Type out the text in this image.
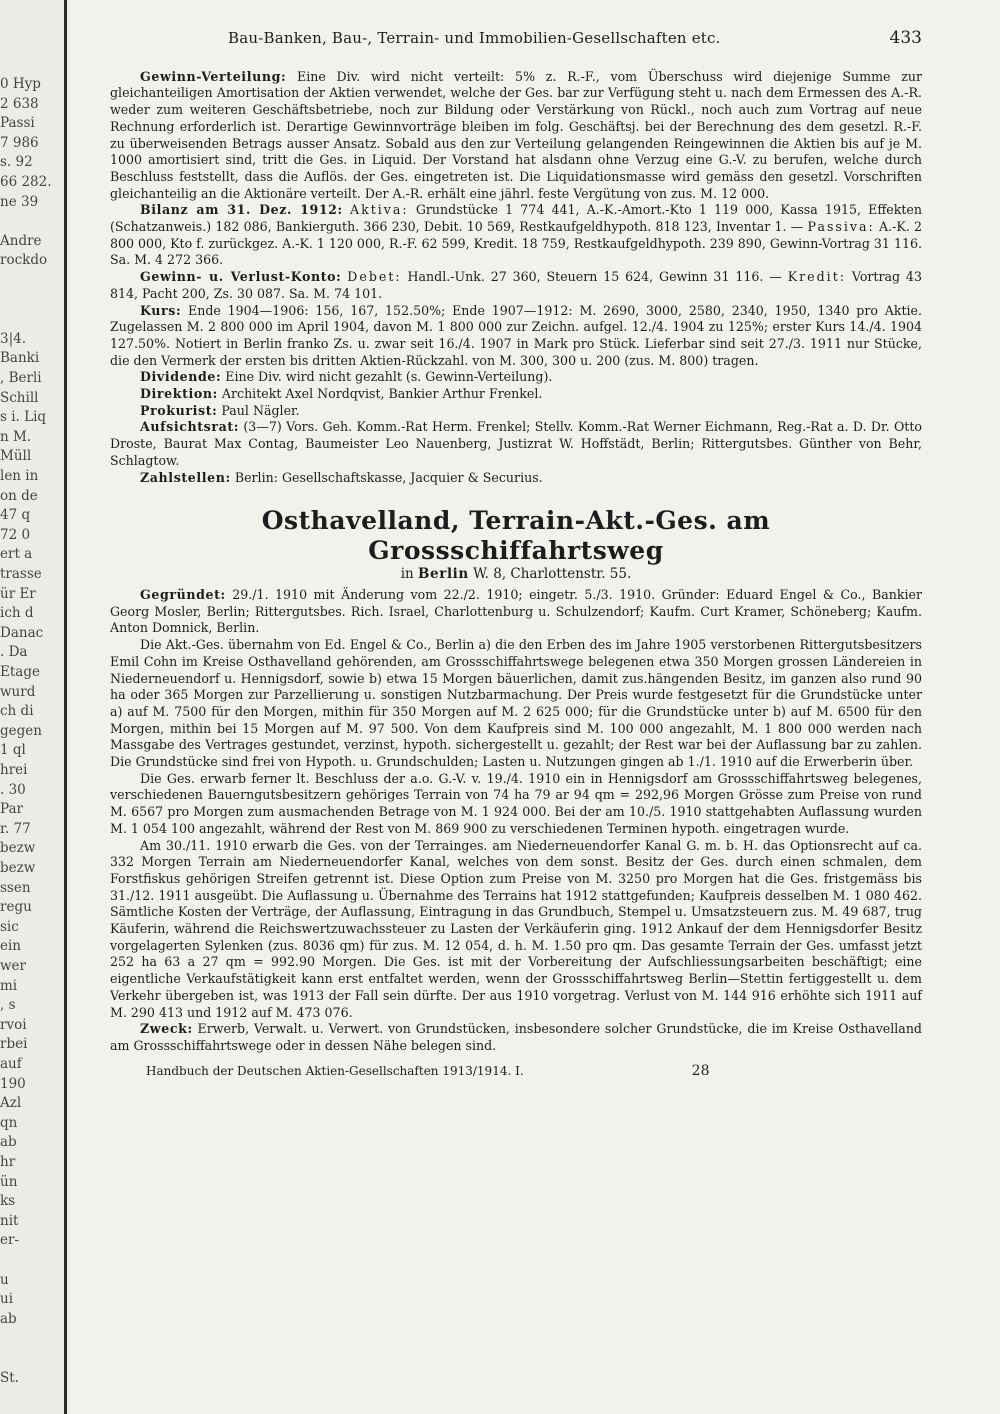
0 Hyp
2 638
Passi
7 986
s. 92
66 282.
ne 39
Andre
rockdo
3|4.
Banki
, Berli
Schill
s i. Liq
n M.
Müll
len in
on de
47 q
72 0
ert a
trasse
ür Er
ich d
Danac
. Da
Etage
wurd
ch di
gegen
1 ql
hrei
. 30
Par
r. 77
bezw
bezw
ssen
regu
sic
ein
wer
mi
, s
rvoi
rbei
auf
190
Azl
qn
ab
hr
ün
ks
nit
er-
u
ui
ab
St.
Bau-Banken, Bau-, Terrain- und Immobilien-Gesellschaften etc.	433

Gewinn-Verteilung: Eine Div. wird nicht verteilt: 5% z. R.-F., vom Überschuss wird diejenige Summe zur gleichanteiligen Amortisation der Aktien verwendet, welche der Ges. bar zur Verfügung steht u. nach dem Ermessen des A.-R. weder zum weiteren Geschäftsbetriebe, noch zur Bildung oder Verstärkung von Rückl., noch auch zum Vortrag auf neue Rechnung erforderlich ist. Derartige Gewinnvorträge bleiben im folg. Geschäftsj. bei der Berechnung des dem gesetzl. R.-F. zu überweisenden Betrags ausser Ansatz. Sobald aus den zur Verteilung gelangenden Reingewinnen die Aktien bis auf je M. 1000 amortisiert sind, tritt die Ges. in Liquid. Der Vorstand hat alsdann ohne Verzug eine G.-V. zu berufen, welche durch Beschluss feststellt, dass die Auflös. der Ges. eingetreten ist. Die Liquidationsmasse wird gemäss den gesetzl. Vorschriften gleichanteilig an die Aktionäre verteilt. Der A.-R. erhält eine jährl. feste Vergütung von zus. M. 12 000.

Bilanz am 31. Dez. 1912: Aktiva: Grundstücke 1 774 441, A.-K.-Amort.-Kto 1 119 000, Kassa 1915, Effekten (Schatzanweis.) 182 086, Bankierguth. 366 230, Debit. 10 569, Restkaufgeldhypoth. 818 123, Inventar 1. — Passiva: A.-K. 2 800 000, Kto f. zurückgez. A.-K. 1 120 000, R.-F. 62 599, Kredit. 18 759, Restkaufgeldhypoth. 239 890, Gewinn-Vortrag 31 116. Sa. M. 4 272 366.

Gewinn- u. Verlust-Konto: Debet: Handl.-Unk. 27 360, Steuern 15 624, Gewinn 31 116. — Kredit: Vortrag 43 814, Pacht 200, Zs. 30 087. Sa. M. 74 101.

Kurs: Ende 1904—1906: 156, 167, 152.50%; Ende 1907—1912: M. 2690, 3000, 2580, 2340, 1950, 1340 pro Aktie. Zugelassen M. 2 800 000 im April 1904, davon M. 1 800 000 zur Zeichn. aufgel. 12./4. 1904 zu 125%; erster Kurs 14./4. 1904 127.50%. Notiert in Berlin franko Zs. u. zwar seit 16./4. 1907 in Mark pro Stück. Lieferbar sind seit 27./3. 1911 nur Stücke, die den Vermerk der ersten bis dritten Aktien-Rückzahl. von M. 300, 300 u. 200 (zus. M. 800) tragen.

Dividende: Eine Div. wird nicht gezahlt (s. Gewinn-Verteilung).

Direktion: Architekt Axel Nordqvist, Bankier Arthur Frenkel.

Prokurist: Paul Nägler.

Aufsichtsrat: (3—7) Vors. Geh. Komm.-Rat Herm. Frenkel; Stellv. Komm.-Rat Werner Eichmann, Reg.-Rat a. D. Dr. Otto Droste, Baurat Max Contag, Baumeister Leo Nauenberg, Justizrat W. Hoffstädt, Berlin; Rittergutsbes. Günther von Behr, Schlagtow.

Zahlstellen: Berlin: Gesellschaftskasse, Jacquier & Securius.

Osthavelland, Terrain-Akt.-Ges. am Grossschiffahrtsweg
in Berlin W. 8, Charlottenstr. 55.

Gegründet: 29./1. 1910 mit Änderung vom 22./2. 1910; eingetr. 5./3. 1910. Gründer: Eduard Engel & Co., Bankier Georg Mosler, Berlin; Rittergutsbes. Rich. Israel, Charlottenburg u. Schulzendorf; Kaufm. Curt Kramer, Schöneberg; Kaufm. Anton Domnick, Berlin.

Die Akt.-Ges. übernahm von Ed. Engel & Co., Berlin a) die den Erben des im Jahre 1905 verstorbenen Rittergutsbesitzers Emil Cohn im Kreise Osthavelland gehörenden, am Grossschiffahrtswege belegenen etwa 350 Morgen grossen Ländereien in Niederneuendorf u. Hennigsdorf, sowie b) etwa 15 Morgen bäuerlichen, damit zus.hängenden Besitz, im ganzen also rund 90 ha oder 365 Morgen zur Parzellierung u. sonstigen Nutzbarmachung. Der Preis wurde festgesetzt für die Grundstücke unter a) auf M. 7500 für den Morgen, mithin für 350 Morgen auf M. 2 625 000; für die Grundstücke unter b) auf M. 6500 für den Morgen, mithin bei 15 Morgen auf M. 97 500. Von dem Kaufpreis sind M. 100 000 angezahlt, M. 1 800 000 werden nach Massgabe des Vertrages gestundet, verzinst, hypoth. sichergestellt u. gezahlt; der Rest war bei der Auflassung bar zu zahlen. Die Grundstücke sind frei von Hypoth. u. Grundschulden; Lasten u. Nutzungen gingen ab 1./1. 1910 auf die Erwerberin über.

Die Ges. erwarb ferner lt. Beschluss der a.o. G.-V. v. 19./4. 1910 ein in Hennigsdorf am Grossschiffahrtsweg belegenes, verschiedenen Bauerngutsbesitzern gehöriges Terrain von 74 ha 79 ar 94 qm = 292,96 Morgen Grösse zum Preise von rund M. 6567 pro Morgen zum ausmachenden Betrage von M. 1 924 000. Bei der am 10./5. 1910 stattgehabten Auflassung wurden M. 1 054 100 angezahlt, während der Rest von M. 869 900 zu verschiedenen Terminen hypoth. eingetragen wurde.

Am 30./11. 1910 erwarb die Ges. von der Terrainges. am Niederneuendorfer Kanal G. m. b. H. das Optionsrecht auf ca. 332 Morgen Terrain am Niederneuendorfer Kanal, welches von dem sonst. Besitz der Ges. durch einen schmalen, dem Forstfiskus gehörigen Streifen getrennt ist. Diese Option zum Preise von M. 3250 pro Morgen hat die Ges. fristgemäss bis 31./12. 1911 ausgeübt. Die Auflassung u. Übernahme des Terrains hat 1912 stattgefunden; Kaufpreis desselben M. 1 080 462. Sämtliche Kosten der Verträge, der Auflassung, Eintragung in das Grundbuch, Stempel u. Umsatzsteuern zus. M. 49 687, trug Käuferin, während die Reichswertzuwachssteuer zu Lasten der Verkäuferin ging. 1912 Ankauf der dem Hennigsdorfer Besitz vorgelagerten Sylenken (zus. 8036 qm) für zus. M. 12 054, d. h. M. 1.50 pro qm. Das gesamte Terrain der Ges. umfasst jetzt 252 ha 63 a 27 qm = 992.90 Morgen. Die Ges. ist mit der Vorbereitung der Aufschliessungsarbeiten beschäftigt; eine eigentliche Verkaufstätigkeit kann erst entfaltet werden, wenn der Grossschiffahrtsweg Berlin—Stettin fertiggestellt u. dem Verkehr übergeben ist, was 1913 der Fall sein dürfte. Der aus 1910 vorgetrag. Verlust von M. 144 916 erhöhte sich 1911 auf M. 290 413 und 1912 auf M. 473 076.

Zweck: Erwerb, Verwalt. u. Verwert. von Grundstücken, insbesondere solcher Grundstücke, die im Kreise Osthavelland am Grossschiffahrtswege oder in dessen Nähe belegen sind.

Handbuch der Deutschen Aktien-Gesellschaften 1913/1914. I.	28
